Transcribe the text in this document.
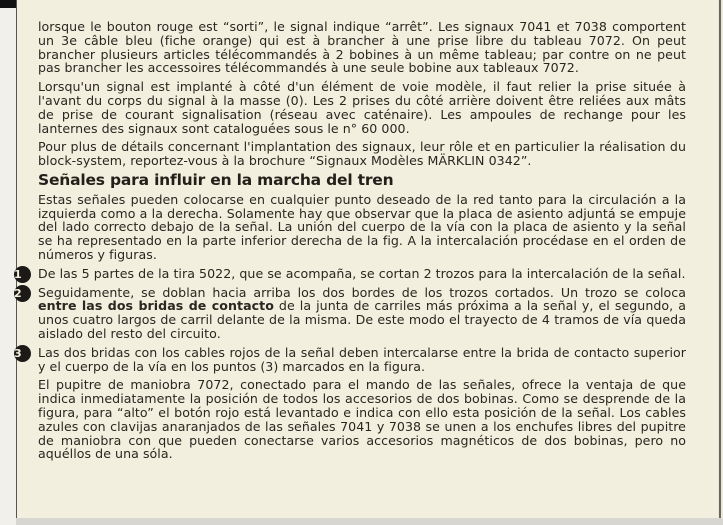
lorsque le bouton rouge est “sorti”, le signal indique “arrêt”. Les signaux 7041 et 7038 comportent un 3e câble bleu (fiche orange) qui est à brancher à une prise libre du tableau 7072. On peut brancher plusieurs articles télécommandés à 2 bobines à un même tableau; par contre on ne peut pas brancher les accessoires télécommandés à une seule bobine aux tableaux 7072.

Lorsqu'un signal est implanté à côté d'un élément de voie modèle, il faut relier la prise située à l'avant du corps du signal à la masse (0). Les 2 prises du côté arrière doivent être reliées aux mâts de prise de courant signalisation (réseau avec caténaire). Les ampoules de rechange pour les lanternes des signaux sont cataloguées sous le n° 60 000.

Pour plus de détails concernant l'implantation des signaux, leur rôle et en particulier la réalisation du block-system, reportez-vous à la brochure “Signaux Modèles MÄRKLIN 0342”.

Señales para influir en la marcha del tren

Estas señales pueden colocarse en cualquier punto deseado de la red tanto para la circulación a la izquierda como a la derecha. Solamente hay que observar que la placa de asiento adjuntá se empuje del lado correcto debajo de la señal. La unión del cuerpo de la vía con la placa de asiento y la señal se ha representado en la parte inferior derecha de la fig. A la intercalación procédase en el orden de números y figuras.

1	De las 5 partes de la tira 5022, que se acompaña, se cortan 2 trozos para la intercalación de la señal.
2	Seguidamente, se doblan hacia arriba los dos bordes de los trozos cortados. Un trozo se coloca entre las dos bridas de contacto de la junta de carriles más próxima a la señal y, el segundo, a unos cuatro largos de carril delante de la misma. De este modo el trayecto de 4 tramos de vía queda aislado del resto del circuito.
3	Las dos bridas con los cables rojos de la señal deben intercalarse entre la brida de contacto superior y el cuerpo de la vía en los puntos (3) marcados en la figura.

El pupitre de maniobra 7072, conectado para el mando de las señales, ofrece la ventaja de que indica inmediatamente la posición de todos los accesorios de dos bobinas. Como se desprende de la figura, para “alto” el botón rojo está levantado e indica con ello esta posición de la señal. Los cables azules con clavijas anaranjados de las señales 7041 y 7038 se unen a los enchufes libres del pupitre de maniobra con que pueden conectarse varios accesorios magnéticos de dos bobinas, pero no aquéllos de una sóla.
